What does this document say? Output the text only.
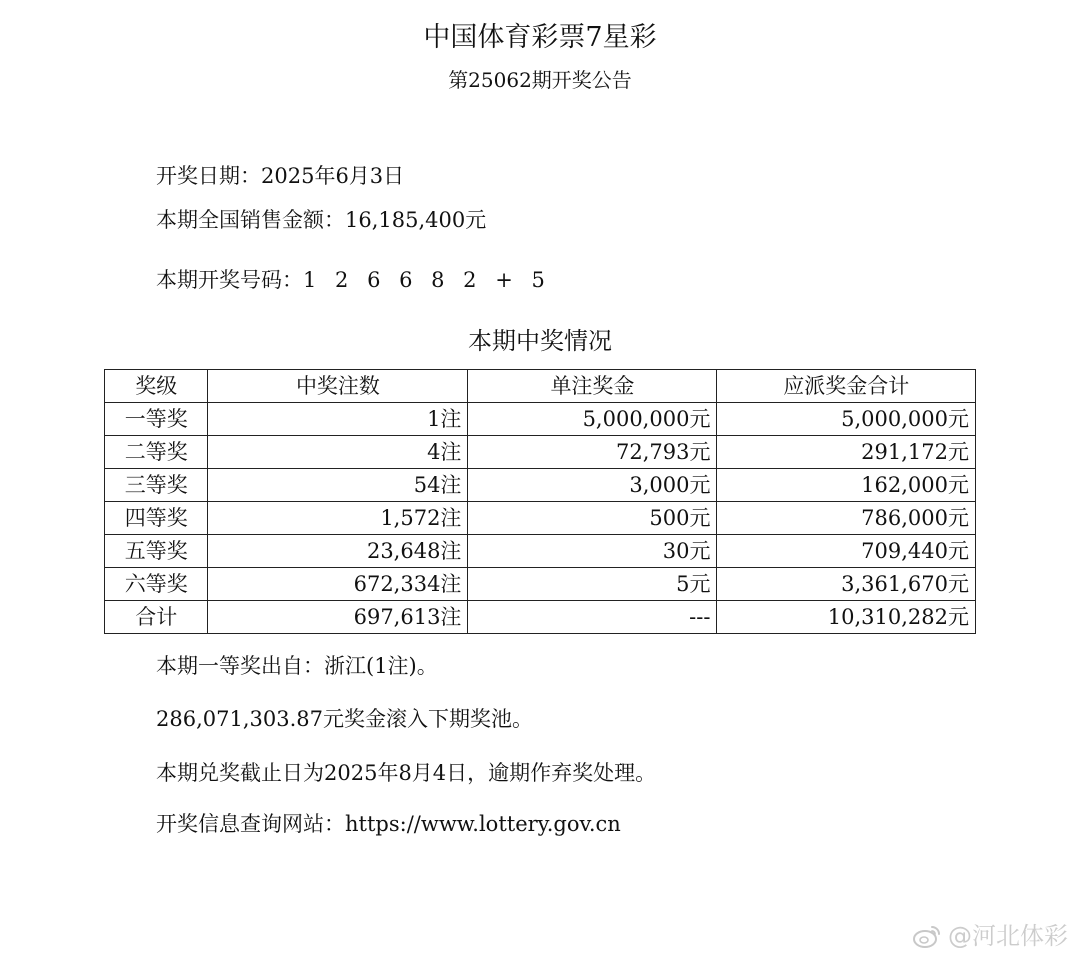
中国体育彩票7星彩
第25062期开奖公告
开奖日期：2025年6月3日
本期全国销售金额：16,185,400元
本期开奖号码：1 2 6 6 8 2 + 5
本期中奖情况
奖级	中奖注数	单注奖金	应派奖金合计
一等奖	1注	5,000,000元	5,000,000元
二等奖	4注	72,793元	291,172元
三等奖	54注	3,000元	162,000元
四等奖	1,572注	500元	786,000元
五等奖	23,648注	30元	709,440元
六等奖	672,334注	5元	3,361,670元
合计	697,613注	---	10,310,282元
本期一等奖出自：浙江(1注)。
286,071,303.87元奖金滚入下期奖池。
本期兑奖截止日为2025年8月4日，逾期作弃奖处理。
开奖信息查询网站：https://www.lottery.gov.cn
@河北体彩
